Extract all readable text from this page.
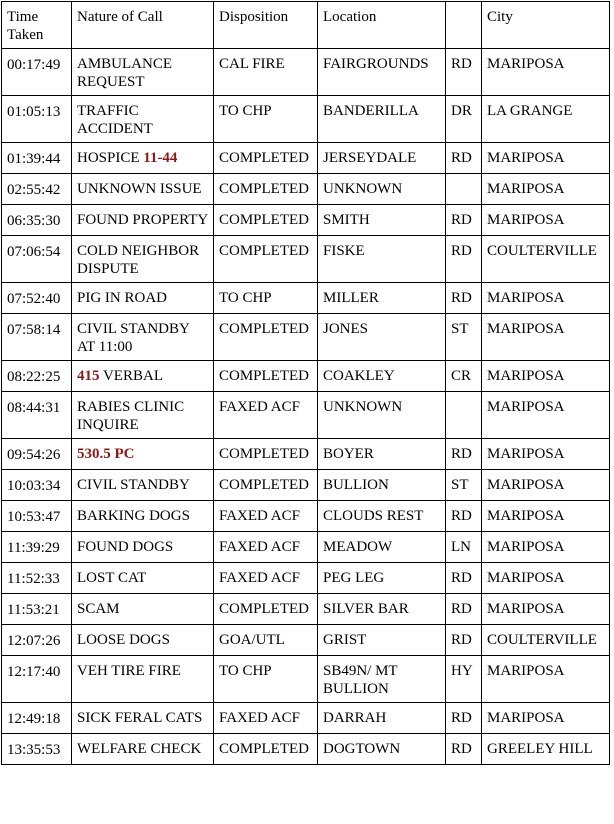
Time Taken	Nature of Call	Disposition	Location		City
00:17:49	AMBULANCE REQUEST	CAL FIRE	FAIRGROUNDS	RD	MARIPOSA
01:05:13	TRAFFIC ACCIDENT	TO CHP	BANDERILLA	DR	LA GRANGE
01:39:44	HOSPICE 11-44	COMPLETED	JERSEYDALE	RD	MARIPOSA
02:55:42	UNKNOWN ISSUE	COMPLETED	UNKNOWN		MARIPOSA
06:35:30	FOUND PROPERTY	COMPLETED	SMITH	RD	MARIPOSA
07:06:54	COLD NEIGHBOR DISPUTE	COMPLETED	FISKE	RD	COULTERVILLE
07:52:40	PIG IN ROAD	TO CHP	MILLER	RD	MARIPOSA
07:58:14	CIVIL STANDBY AT 11:00	COMPLETED	JONES	ST	MARIPOSA
08:22:25	415 VERBAL	COMPLETED	COAKLEY	CR	MARIPOSA
08:44:31	RABIES CLINIC INQUIRE	FAXED ACF	UNKNOWN		MARIPOSA
09:54:26	530.5 PC	COMPLETED	BOYER	RD	MARIPOSA
10:03:34	CIVIL STANDBY	COMPLETED	BULLION	ST	MARIPOSA
10:53:47	BARKING DOGS	FAXED ACF	CLOUDS REST	RD	MARIPOSA
11:39:29	FOUND DOGS	FAXED ACF	MEADOW	LN	MARIPOSA
11:52:33	LOST CAT	FAXED ACF	PEG LEG	RD	MARIPOSA
11:53:21	SCAM	COMPLETED	SILVER BAR	RD	MARIPOSA
12:07:26	LOOSE DOGS	GOA/UTL	GRIST	RD	COULTERVILLE
12:17:40	VEH TIRE FIRE	TO CHP	SB49N/ MT BULLION	HY	MARIPOSA
12:49:18	SICK FERAL CATS	FAXED ACF	DARRAH	RD	MARIPOSA
13:35:53	WELFARE CHECK	COMPLETED	DOGTOWN	RD	GREELEY HILL
